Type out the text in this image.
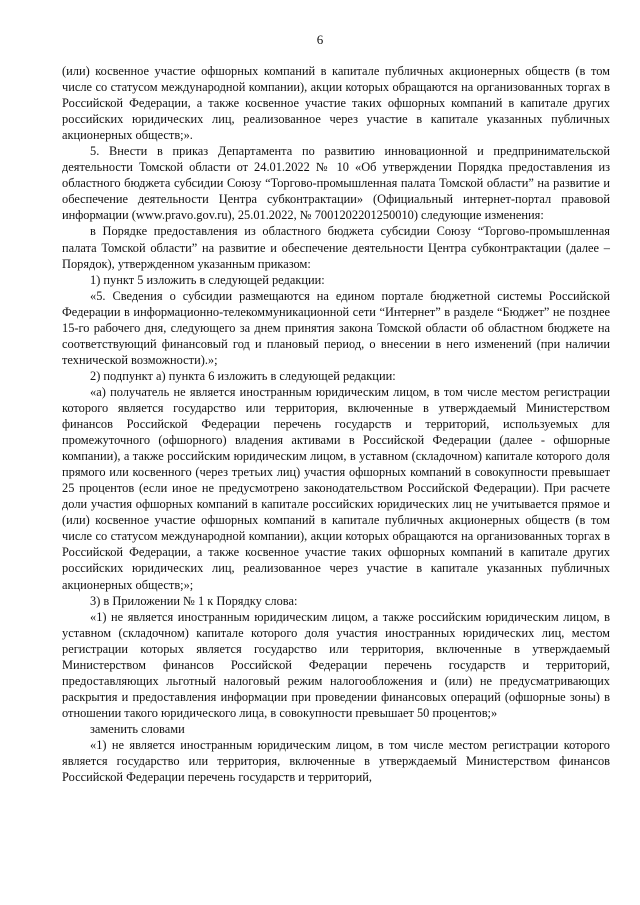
6

(или) косвенное участие офшорных компаний в капитале публичных акционерных обществ (в том числе со статусом международной компании), акции которых обращаются на организованных торгах в Российской Федерации, а также косвенное участие таких офшорных компаний в капитале других российских юридических лиц, реализованное через участие в капитале указанных публичных акционерных обществ;».

5. Внести в приказ Департамента по развитию инновационной и предпринимательской деятельности Томской области от 24.01.2022 № 10 «Об утверждении Порядка предоставления из областного бюджета субсидии Союзу “Торгово-промышленная палата Томской области” на развитие и обеспечение деятельности Центра субконтрактации» (Официальный интернет-портал правовой информации (www.pravo.gov.ru), 25.01.2022, № 7001202201250010) следующие изменения:

в Порядке предоставления из областного бюджета субсидии Союзу “Торгово-промышленная палата Томской области” на развитие и обеспечение деятельности Центра субконтрактации (далее – Порядок), утвержденном указанным приказом:

1) пункт 5 изложить в следующей редакции:

«5. Сведения о субсидии размещаются на едином портале бюджетной системы Российской Федерации в информационно-телекоммуникационной сети “Интернет” в разделе “Бюджет” не позднее 15-го рабочего дня, следующего за днем принятия закона Томской области об областном бюджете на соответствующий финансовый год и плановый период, о внесении в него изменений (при наличии технической возможности).»;

2) подпункт а) пункта 6 изложить в следующей редакции:

«а) получатель не является иностранным юридическим лицом, в том числе местом регистрации которого является государство или территория, включенные в утверждаемый Министерством финансов Российской Федерации перечень государств и территорий, используемых для промежуточного (офшорного) владения активами в Российской Федерации (далее - офшорные компании), а также российским юридическим лицом, в уставном (складочном) капитале которого доля прямого или косвенного (через третьих лиц) участия офшорных компаний в совокупности превышает 25 процентов (если иное не предусмотрено законодательством Российской Федерации). При расчете доли участия офшорных компаний в капитале российских юридических лиц не учитывается прямое и (или) косвенное участие офшорных компаний в капитале публичных акционерных обществ (в том числе со статусом международной компании), акции которых обращаются на организованных торгах в Российской Федерации, а также косвенное участие таких офшорных компаний в капитале других российских юридических лиц, реализованное через участие в капитале указанных публичных акционерных обществ;»;

3) в Приложении № 1 к Порядку слова:

«1) не является иностранным юридическим лицом, а также российским юридическим лицом, в уставном (складочном) капитале которого доля участия иностранных юридических лиц, местом регистрации которых является государство или территория, включенные в утверждаемый Министерством финансов Российской Федерации перечень государств и территорий, предоставляющих льготный налоговый режим налогообложения и (или) не предусматривающих раскрытия и предоставления информации при проведении финансовых операций (офшорные зоны) в отношении такого юридического лица, в совокупности превышает 50 процентов;»

заменить словами

«1) не является иностранным юридическим лицом, в том числе местом регистрации которого является государство или территория, включенные в утверждаемый Министерством финансов Российской Федерации перечень государств и территорий,
